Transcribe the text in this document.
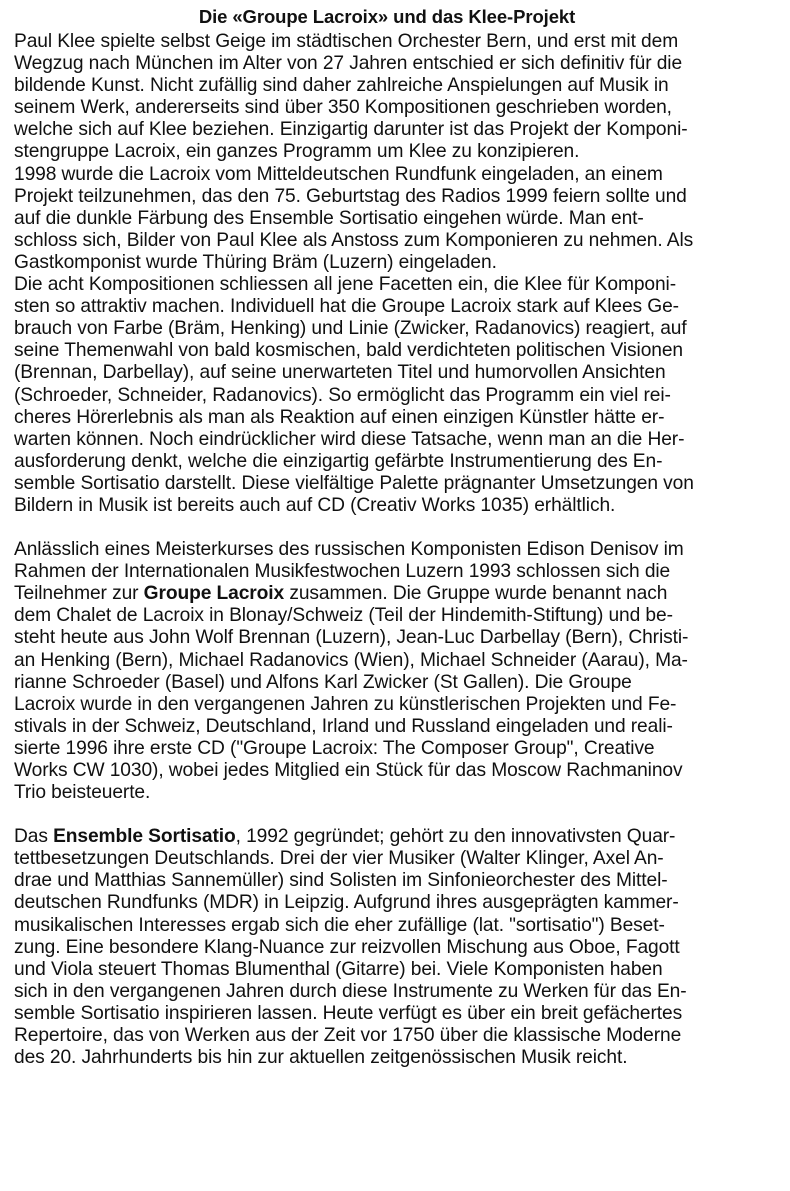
Die «Groupe Lacroix» und das Klee-Projekt
Paul Klee spielte selbst Geige im städtischen Orchester Bern, und erst mit dem
Wegzug nach München im Alter von 27 Jahren entschied er sich definitiv für die
bildende Kunst. Nicht zufällig sind daher zahlreiche Anspielungen auf Musik in
seinem Werk, andererseits sind über 350 Kompositionen geschrieben worden,
welche sich auf Klee beziehen. Einzigartig darunter ist das Projekt der Komponi-
stengruppe Lacroix, ein ganzes Programm um Klee zu konzipieren.
1998 wurde die Lacroix vom Mitteldeutschen Rundfunk eingeladen, an einem
Projekt teilzunehmen, das den 75. Geburtstag des Radios 1999 feiern sollte und
auf die dunkle Färbung des Ensemble Sortisatio eingehen würde. Man ent-
schloss sich, Bilder von Paul Klee als Anstoss zum Komponieren zu nehmen. Als
Gastkomponist wurde Thüring Bräm (Luzern) eingeladen.
Die acht Kompositionen schliessen all jene Facetten ein, die Klee für Komponi-
sten so attraktiv machen. Individuell hat die Groupe Lacroix stark auf Klees Ge-
brauch von Farbe (Bräm, Henking) und Linie (Zwicker, Radanovics) reagiert, auf
seine Themenwahl von bald kosmischen, bald verdichteten politischen Visionen
(Brennan, Darbellay), auf seine unerwarteten Titel und humorvollen Ansichten
(Schroeder, Schneider, Radanovics). So ermöglicht das Programm ein viel rei-
cheres Hörerlebnis als man als Reaktion auf einen einzigen Künstler hätte er-
warten können. Noch eindrücklicher wird diese Tatsache, wenn man an die Her-
ausforderung denkt, welche die einzigartig gefärbte Instrumentierung des En-
semble Sortisatio darstellt. Diese vielfältige Palette prägnanter Umsetzungen von
Bildern in Musik ist bereits auch auf CD (Creativ Works 1035) erhältlich.
Anlässlich eines Meisterkurses des russischen Komponisten Edison Denisov im
Rahmen der Internationalen Musikfestwochen Luzern 1993 schlossen sich die
Teilnehmer zur Groupe Lacroix zusammen. Die Gruppe wurde benannt nach
dem Chalet de Lacroix in Blonay/Schweiz (Teil der Hindemith-Stiftung) und be-
steht heute aus John Wolf Brennan (Luzern), Jean-Luc Darbellay (Bern), Christi-
an Henking (Bern), Michael Radanovics (Wien), Michael Schneider (Aarau), Ma-
rianne Schroeder (Basel) und Alfons Karl Zwicker (St Gallen). Die Groupe
Lacroix wurde in den vergangenen Jahren zu künstlerischen Projekten und Fe-
stivals in der Schweiz, Deutschland, Irland und Russland eingeladen und reali-
sierte 1996 ihre erste CD ("Groupe Lacroix: The Composer Group", Creative
Works CW 1030), wobei jedes Mitglied ein Stück für das Moscow Rachmaninov
Trio beisteuerte.
Das Ensemble Sortisatio, 1992 gegründet; gehört zu den innovativsten Quar-
tettbesetzungen Deutschlands. Drei der vier Musiker (Walter Klinger, Axel An-
drae und Matthias Sannemüller) sind Solisten im Sinfonieorchester des Mittel-
deutschen Rundfunks (MDR) in Leipzig. Aufgrund ihres ausgeprägten kammer-
musikalischen Interesses ergab sich die eher zufällige (lat. "sortisatio") Beset-
zung. Eine besondere Klang-Nuance zur reizvollen Mischung aus Oboe, Fagott
und Viola steuert Thomas Blumenthal (Gitarre) bei. Viele Komponisten haben
sich in den vergangenen Jahren durch diese Instrumente zu Werken für das En-
semble Sortisatio inspirieren lassen. Heute verfügt es über ein breit gefächertes
Repertoire, das von Werken aus der Zeit vor 1750 über die klassische Moderne
des 20. Jahrhunderts bis hin zur aktuellen zeitgenössischen Musik reicht.
